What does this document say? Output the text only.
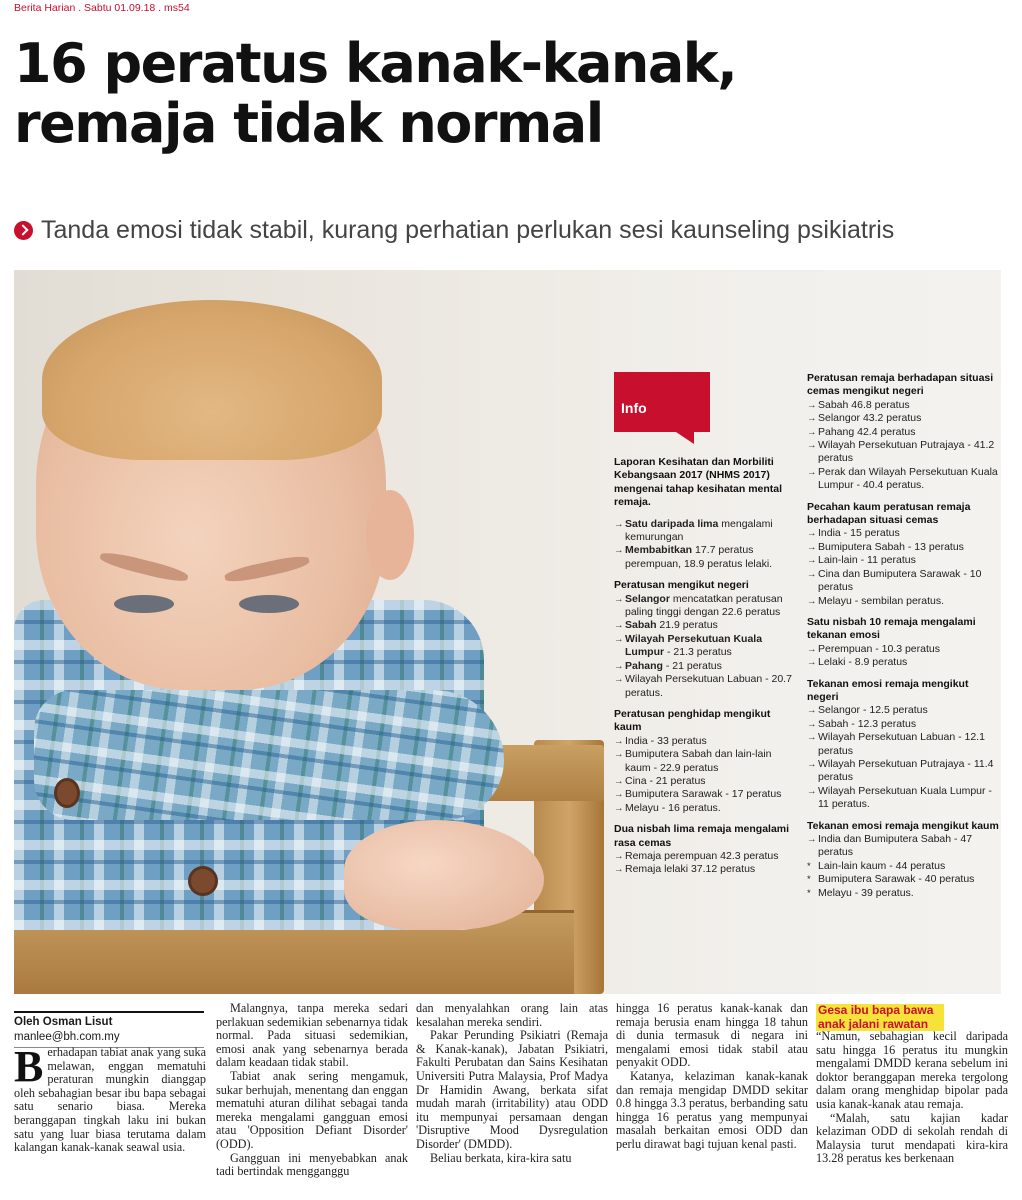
Berita Harian . Sabtu 01.09.18 . ms54
16 peratus kanak-kanak,
remaja tidak normal
Tanda emosi tidak stabil, kurang perhatian perlukan sesi kaunseling psikiatris
Info
Laporan Kesihatan dan Morbiliti Kebangsaan 2017 (NHMS 2017) mengenai tahap kesihatan mental remaja.
→ Satu daripada lima mengalami kemurungan
→ Membabitkan 17.7 peratus perempuan, 18.9 peratus lelaki.
Peratusan mengikut negeri
→ Selangor mencatatkan peratusan paling tinggi dengan 22.6 peratus
→ Sabah 21.9 peratus
→ Wilayah Persekutuan Kuala Lumpur - 21.3 peratus
→ Pahang - 21 peratus
→ Wilayah Persekutuan Labuan - 20.7 peratus.
Peratusan penghidap mengikut kaum
→ India - 33 peratus
→ Bumiputera Sabah dan lain-lain kaum - 22.9 peratus
→ Cina - 21 peratus
→ Bumiputera Sarawak - 17 peratus
→ Melayu - 16 peratus.
Dua nisbah lima remaja mengalami rasa cemas
→ Remaja perempuan 42.3 peratus
→ Remaja lelaki 37.12 peratus
Peratusan remaja berhadapan situasi cemas mengikut negeri
→ Sabah 46.8 peratus
→ Selangor 43.2 peratus
→ Pahang 42.4 peratus
→ Wilayah Persekutuan Putrajaya - 41.2 peratus
→ Perak dan Wilayah Persekutuan Kuala Lumpur - 40.4 peratus.
Pecahan kaum peratusan remaja berhadapan situasi cemas
→ India - 15 peratus
→ Bumiputera Sabah - 13 peratus
→ Lain-lain - 11 peratus
→ Cina dan Bumiputera Sarawak - 10 peratus
→ Melayu - sembilan peratus.
Satu nisbah 10 remaja mengalami tekanan emosi
→ Perempuan - 10.3 peratus
→ Lelaki - 8.9 peratus
Tekanan emosi remaja mengikut negeri
→ Selangor - 12.5 peratus
→ Sabah - 12.3 peratus
→ Wilayah Persekutuan Labuan - 12.1 peratus
→ Wilayah Persekutuan Putrajaya - 11.4 peratus
→ Wilayah Persekutuan Kuala Lumpur - 11 peratus.
Tekanan emosi remaja mengikut kaum
→ India dan Bumiputera Sabah - 47 peratus
* Lain-lain kaum - 44 peratus
* Bumiputera Sarawak - 40 peratus
* Melayu - 39 peratus.
Oleh Osman Lisut
manlee@bh.com.my

Berhadapan tabiat anak yang suka melawan, enggan mematuhi peraturan mungkin dianggap oleh sebahagian besar ibu bapa sebagai satu senario biasa. Mereka beranggapan tingkah laku ini bukan satu yang luar biasa terutama dalam kalangan kanak-kanak seawal usia.

Malangnya, tanpa mereka sedari perlakuan sedemikian sebenarnya tidak normal. Pada situasi sedemikian, emosi anak yang sebenarnya berada dalam keadaan tidak stabil.

Tabiat anak sering mengamuk, sukar berhujah, menentang dan enggan mematuhi aturan dilihat sebagai tanda mereka mengalami gangguan emosi atau 'Opposition Defiant Disorder' (ODD).

Gangguan ini menyebabkan anak tadi bertindak mengganggu

dan menyalahkan orang lain atas kesalahan mereka sendiri.

Pakar Perunding Psikiatri (Remaja & Kanak-kanak), Jabatan Psikiatri, Fakulti Perubatan dan Sains Kesihatan Universiti Putra Malaysia, Prof Madya Dr Hamidin Awang, berkata sifat mudah marah (irritability) atau ODD itu mempunyai persamaan dengan 'Disruptive Mood Dysregulation Disorder' (DMDD).

Beliau berkata, kira-kira satu

hingga 16 peratus kanak-kanak dan remaja berusia enam hingga 18 tahun di dunia termasuk di negara ini mengalami emosi tidak stabil atau penyakit ODD.

Katanya, kelaziman kanak-kanak dan remaja mengidap DMDD sekitar 0.8 hingga 3.3 peratus, berbanding satu hingga 16 peratus yang mempunyai masalah berkaitan emosi ODD dan perlu dirawat bagi tujuan kenal pasti.

Gesa ibu bapa bawa anak jalani rawatan

“Namun, sebahagian kecil daripada satu hingga 16 peratus itu mungkin mengalami DMDD kerana sebelum ini doktor beranggapan mereka tergolong dalam orang menghidap bipolar pada usia kanak-kanak atau remaja.

“Malah, satu kajian kadar kelaziman ODD di sekolah rendah di Malaysia turut mendapati kira-kira 13.28 peratus kes berkenaan
